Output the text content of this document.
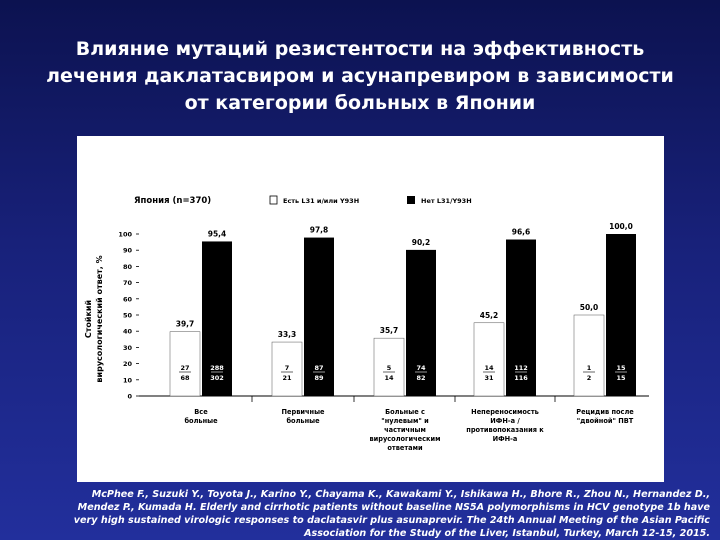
Влияние мутаций резистентости на эффективность
лечения даклатасвиром и асунапревиром в зависимости
от категории больных в Японии
Япония (n=370)	Есть L31 и/или Y93H	Нет L31/Y93H
Стойкий вирусологический ответ, %
0
10
20
30
40
50
60
70
80
90
100
39,7
27
68
95,4
288
302
Все больные
33,3
7
21
97,8
87
89
Первичные больные
35,7
5
14
90,2
74
82
Больные с "нулевым" и частичным вирусологическим ответами
45,2
14
31
96,6
112
116
Непереносимость ИФН-a / противопоказания к ИФН-а
50,0
1
2
100,0
15
15
Рецидив после "двойной" ПВТ
McPhee F., Suzuki Y., Toyota J., Karino Y., Chayama K., Kawakami Y., Ishikawa H., Bhore R., Zhou N., Hernandez D.,
Mendez P., Kumada H. Elderly and cirrhotic patients without baseline NS5A polymorphisms in HCV genotype 1b have
very high sustained virologic responses to daclatasvir plus asunaprevir. The 24th Annual Meeting of the Asian Pacific
Association for the Study of the Liver, Istanbul, Turkey, March 12-15, 2015.
